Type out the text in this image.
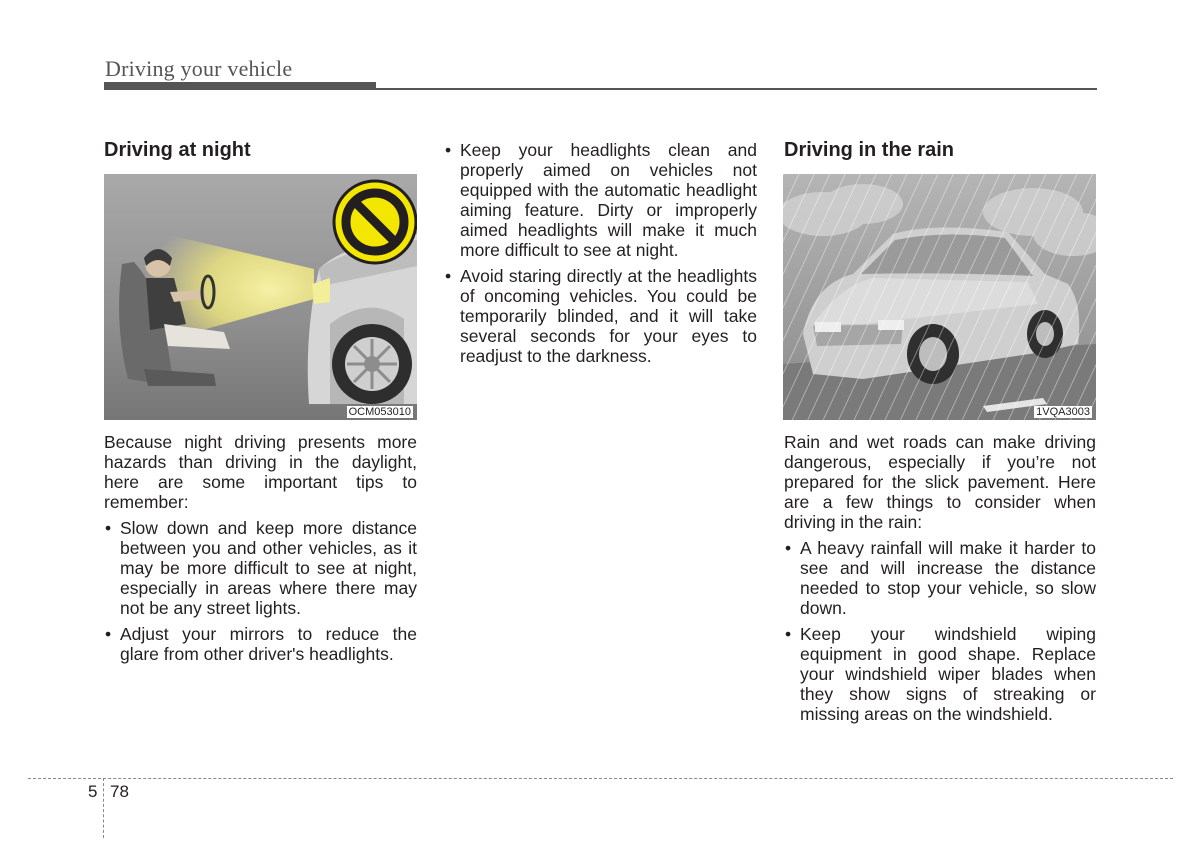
Driving your vehicle
Driving at night
OCM053010

Because night driving presents more hazards than driving in the daylight, here are some important tips to remember:

• Slow down and keep more distance between you and other vehicles, as it may be more difficult to see at night, especially in areas where there may not be any street lights.
• Adjust your mirrors to reduce the glare from other driver's headlights.
• Keep your headlights clean and properly aimed on vehicles not equipped with the automatic headlight aiming feature. Dirty or improperly aimed headlights will make it much more difficult to see at night.
• Avoid staring directly at the headlights of oncoming vehicles. You could be temporarily blinded, and it will take several seconds for your eyes to readjust to the darkness.
Driving in the rain
1VQA3003

Rain and wet roads can make driving dangerous, especially if you’re not prepared for the slick pavement. Here are a few things to consider when driving in the rain:

• A heavy rainfall will make it harder to see and will increase the distance needed to stop your vehicle, so slow down.
• Keep your windshield wiping equipment in good shape. Replace your windshield wiper blades when they show signs of streaking or missing areas on the windshield.
5 78
